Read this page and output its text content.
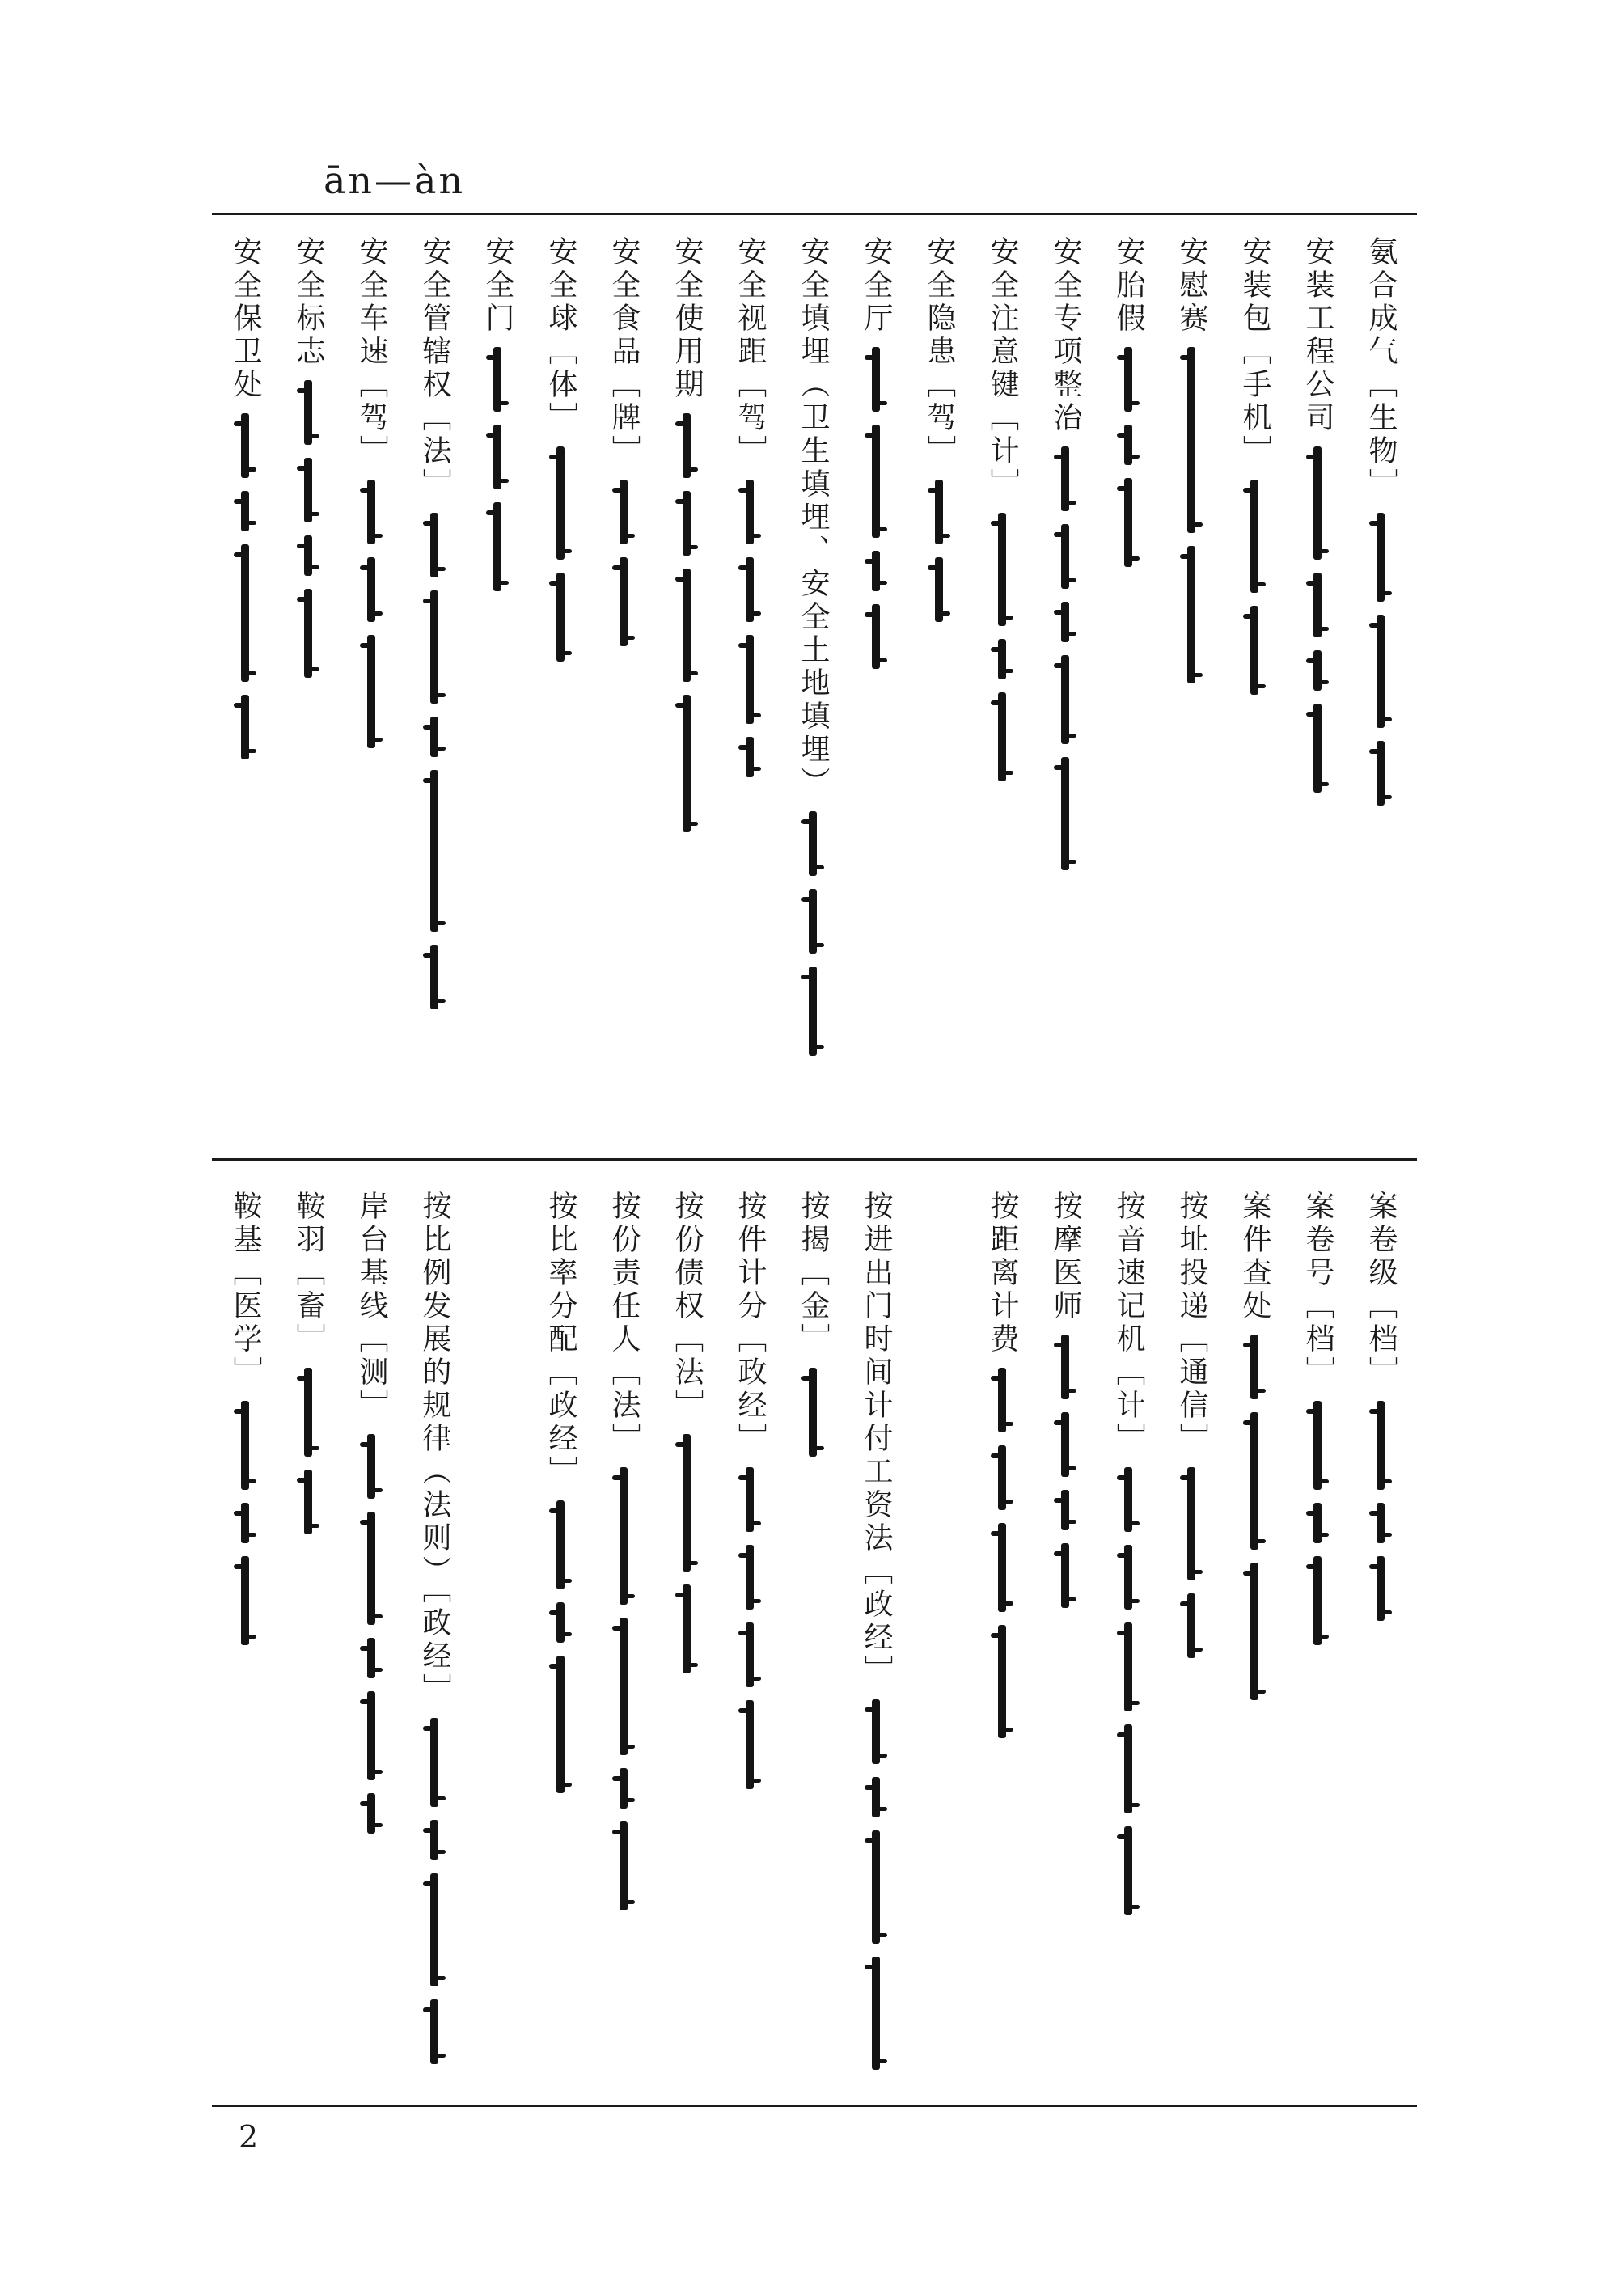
ān—àn
氨合成气［生物］
安装工程公司
安装包［手机］
安慰赛
安胎假
安全专项整治
安全注意键［计］
安全隐患［驾］
安全厅
安全填埋（卫生填埋、安全土地填埋）
安全视距［驾］
安全使用期
安全食品［牌］
安全球［体］
安全门
安全管辖权［法］
安全车速［驾］
安全标志
安全保卫处
案卷级［档］
案卷号［档］
案件查处
按址投递［通信］
按音速记机［计］
按摩医师
按距离计费
按进出门时间计付工资法［政经］
按揭［金］
按件计分［政经］
按份债权［法］
按份责任人［法］
按比率分配［政经］
按比例发展的规律（法则）［政经］
岸台基线［测］
鞍羽［畜］
鞍基［医学］
2
